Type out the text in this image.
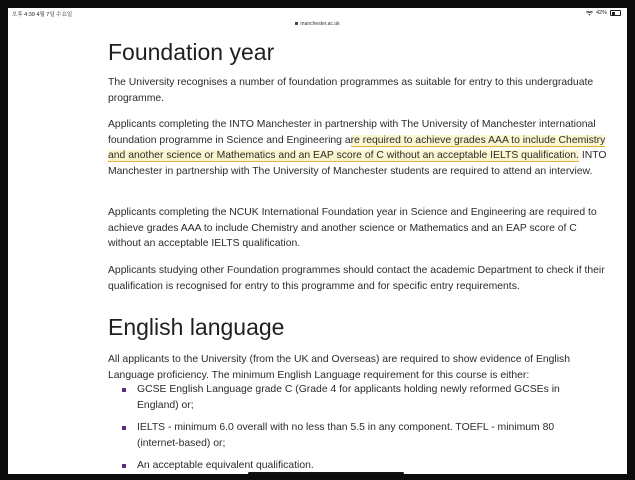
오후 4:39 4월 7일 수요일	42%
manchester.ac.uk
Foundation year

The University recognises a number of foundation programmes as suitable for entry to this undergraduate programme.

Applicants completing the INTO Manchester in partnership with The University of Manchester international foundation programme in Science and Engineering are required to achieve grades AAA to include Chemistry and another science or Mathematics and an EAP score of C without an acceptable IELTS qualification. INTO Manchester in partnership with The University of Manchester students are required to attend an interview.

Applicants completing the NCUK International Foundation year in Science and Engineering are required to achieve grades AAA to include Chemistry and another science or Mathematics and an EAP score of C without an acceptable IELTS qualification.

Applicants studying other Foundation programmes should contact the academic Department to check if their qualification is recognised for entry to this programme and for specific entry requirements.

English language

All applicants to the University (from the UK and Overseas) are required to show evidence of English Language proficiency. The minimum English Language requirement for this course is either:

GCSE English Language grade C (Grade 4 for applicants holding newly reformed GCSEs in England) or;
IELTS - minimum 6.0 overall with no less than 5.5 in any component. TOEFL - minimum 80 (internet-based) or;
An acceptable equivalent qualification.
